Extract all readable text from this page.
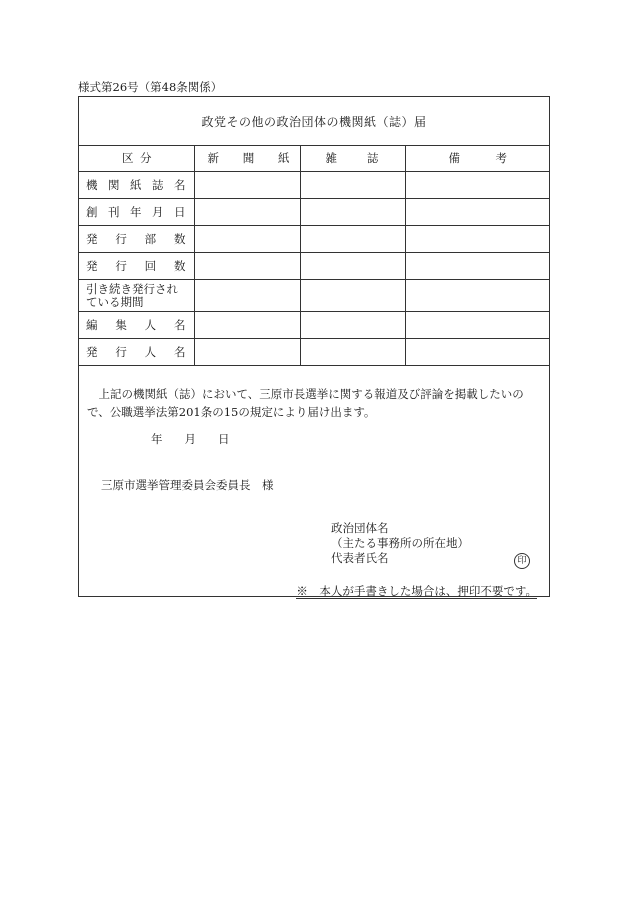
様式第26号（第48条関係）
政党その他の政治団体の機関紙（誌）届
区 分	新 聞 紙	雑 誌	備 考

機 関 紙 誌 名			

創 刊 年 月 日			

発 行 部 数			

発 行 回 数			

引き続き発行され
ている期間			

編 集 人 名			

発 行 人 名			

　上記の機関紙（誌）において、三原市長選挙に関する報道及び評論を掲載したいので、公職選挙法第201条の15の規定により届け出ます。
年 月 日
三原市選挙管理委員会委員長　様
政治団体名
（主たる事務所の所在地）
代表者氏名	印
※　本人が手書きした場合は、押印不要です。
